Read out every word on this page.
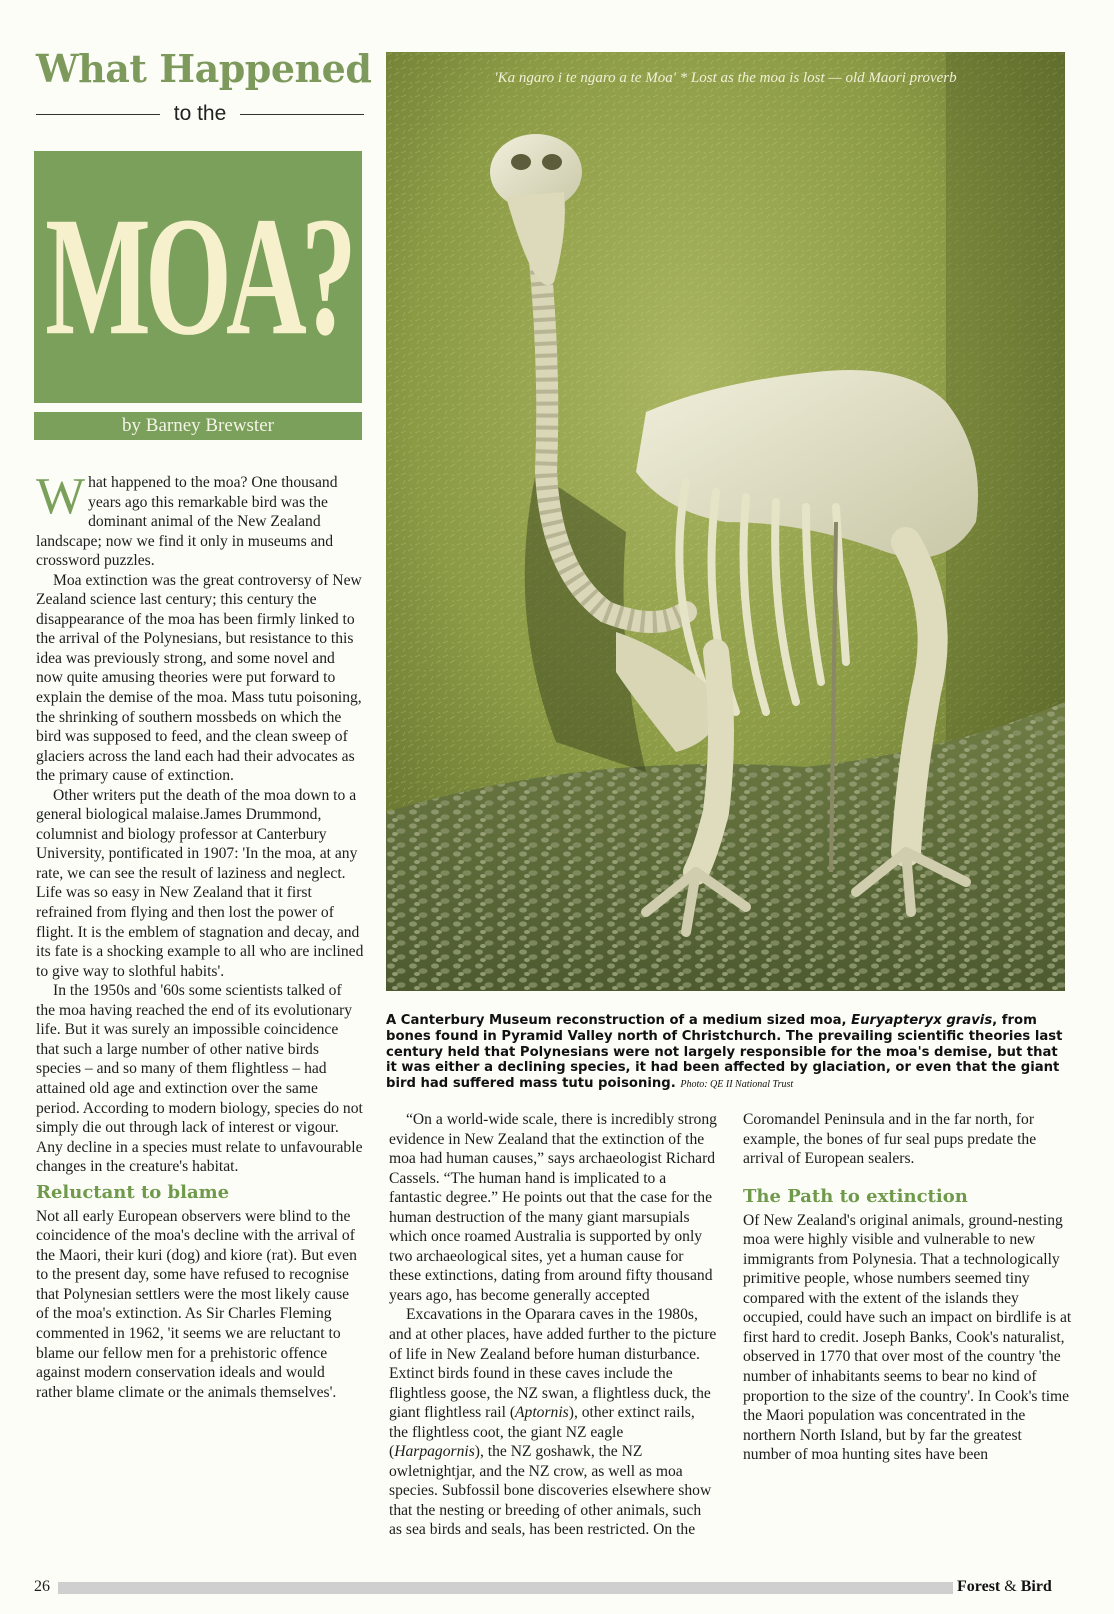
What Happened
to the
MOA?
by Barney Brewster

What happened to the moa? One thousand years ago this remarkable bird was the dominant animal of the New Zealand landscape; now we find it only in museums and crossword puzzles.

Moa extinction was the great controversy of New Zealand science last century; this century the disappearance of the moa has been firmly linked to the arrival of the Polynesians, but resistance to this idea was previously strong, and some novel and now quite amusing theories were put forward to explain the demise of the moa. Mass tutu poisoning, the shrinking of southern mossbeds on which the bird was supposed to feed, and the clean sweep of glaciers across the land each had their advocates as the primary cause of extinction.

Other writers put the death of the moa down to a general biological malaise.James Drummond, columnist and biology professor at Canterbury University, pontificated in 1907: 'In the moa, at any rate, we can see the result of laziness and neglect. Life was so easy in New Zealand that it first refrained from flying and then lost the power of flight. It is the emblem of stagnation and decay, and its fate is a shocking example to all who are inclined to give way to slothful habits'.

In the 1950s and '60s some scientists talked of the moa having reached the end of its evolutionary life. But it was surely an impossible coincidence that such a large number of other native birds species – and so many of them flightless – had attained old age and extinction over the same period. According to modern biology, species do not simply die out through lack of interest or vigour. Any decline in a species must relate to unfavourable changes in the creature's habitat.

Reluctant to blame

Not all early European observers were blind to the coincidence of the moa's decline with the arrival of the Maori, their kuri (dog) and kiore (rat). But even to the present day, some have refused to recognise that Polynesian settlers were the most likely cause of the moa's extinction. As Sir Charles Fleming commented in 1962, 'it seems we are reluctant to blame our fellow men for a prehistoric offence against modern conservation ideals and would rather blame climate or the animals themselves'.

'Ka ngaro i te ngaro a te Moa' * Lost as the moa is lost — old Maori proverb
A Canterbury Museum reconstruction of a medium sized moa, Euryapteryx gravis, from bones found in Pyramid Valley north of Christchurch. The prevailing scientific theories last century held that Polynesians were not largely responsible for the moa's demise, but that it was either a declining species, it had been affected by glaciation, or even that the giant bird had suffered mass tutu poisoning. Photo: QE II National Trust

“On a world-wide scale, there is incredibly strong evidence in New Zealand that the extinction of the moa had human causes,” says archaeologist Richard Cassels. “The human hand is implicated to a fantastic degree.” He points out that the case for the human destruction of the many giant marsupials which once roamed Australia is supported by only two archaeological sites, yet a human cause for these extinctions, dating from around fifty thousand years ago, has become generally accepted

Excavations in the Oparara caves in the 1980s, and at other places, have added further to the picture of life in New Zealand before human disturbance. Extinct birds found in these caves include the flightless goose, the NZ swan, a flightless duck, the giant flightless rail (Aptornis), other extinct rails, the flightless coot, the giant NZ eagle (Harpagornis), the NZ goshawk, the NZ owletnightjar, and the NZ crow, as well as moa species. Subfossil bone discoveries elsewhere show that the nesting or breeding of other animals, such as sea birds and seals, has been restricted. On the

Coromandel Peninsula and in the far north, for example, the bones of fur seal pups predate the arrival of European sealers.

The Path to extinction

Of New Zealand's original animals, ground-nesting moa were highly visible and vulnerable to new immigrants from Polynesia. That a technologically primitive people, whose numbers seemed tiny compared with the extent of the islands they occupied, could have such an impact on birdlife is at first hard to credit. Joseph Banks, Cook's naturalist, observed in 1770 that over most of the country 'the number of inhabitants seems to bear no kind of proportion to the size of the country'. In Cook's time the Maori population was concentrated in the northern North Island, but by far the greatest number of moa hunting sites have been

26	Forest & Bird
